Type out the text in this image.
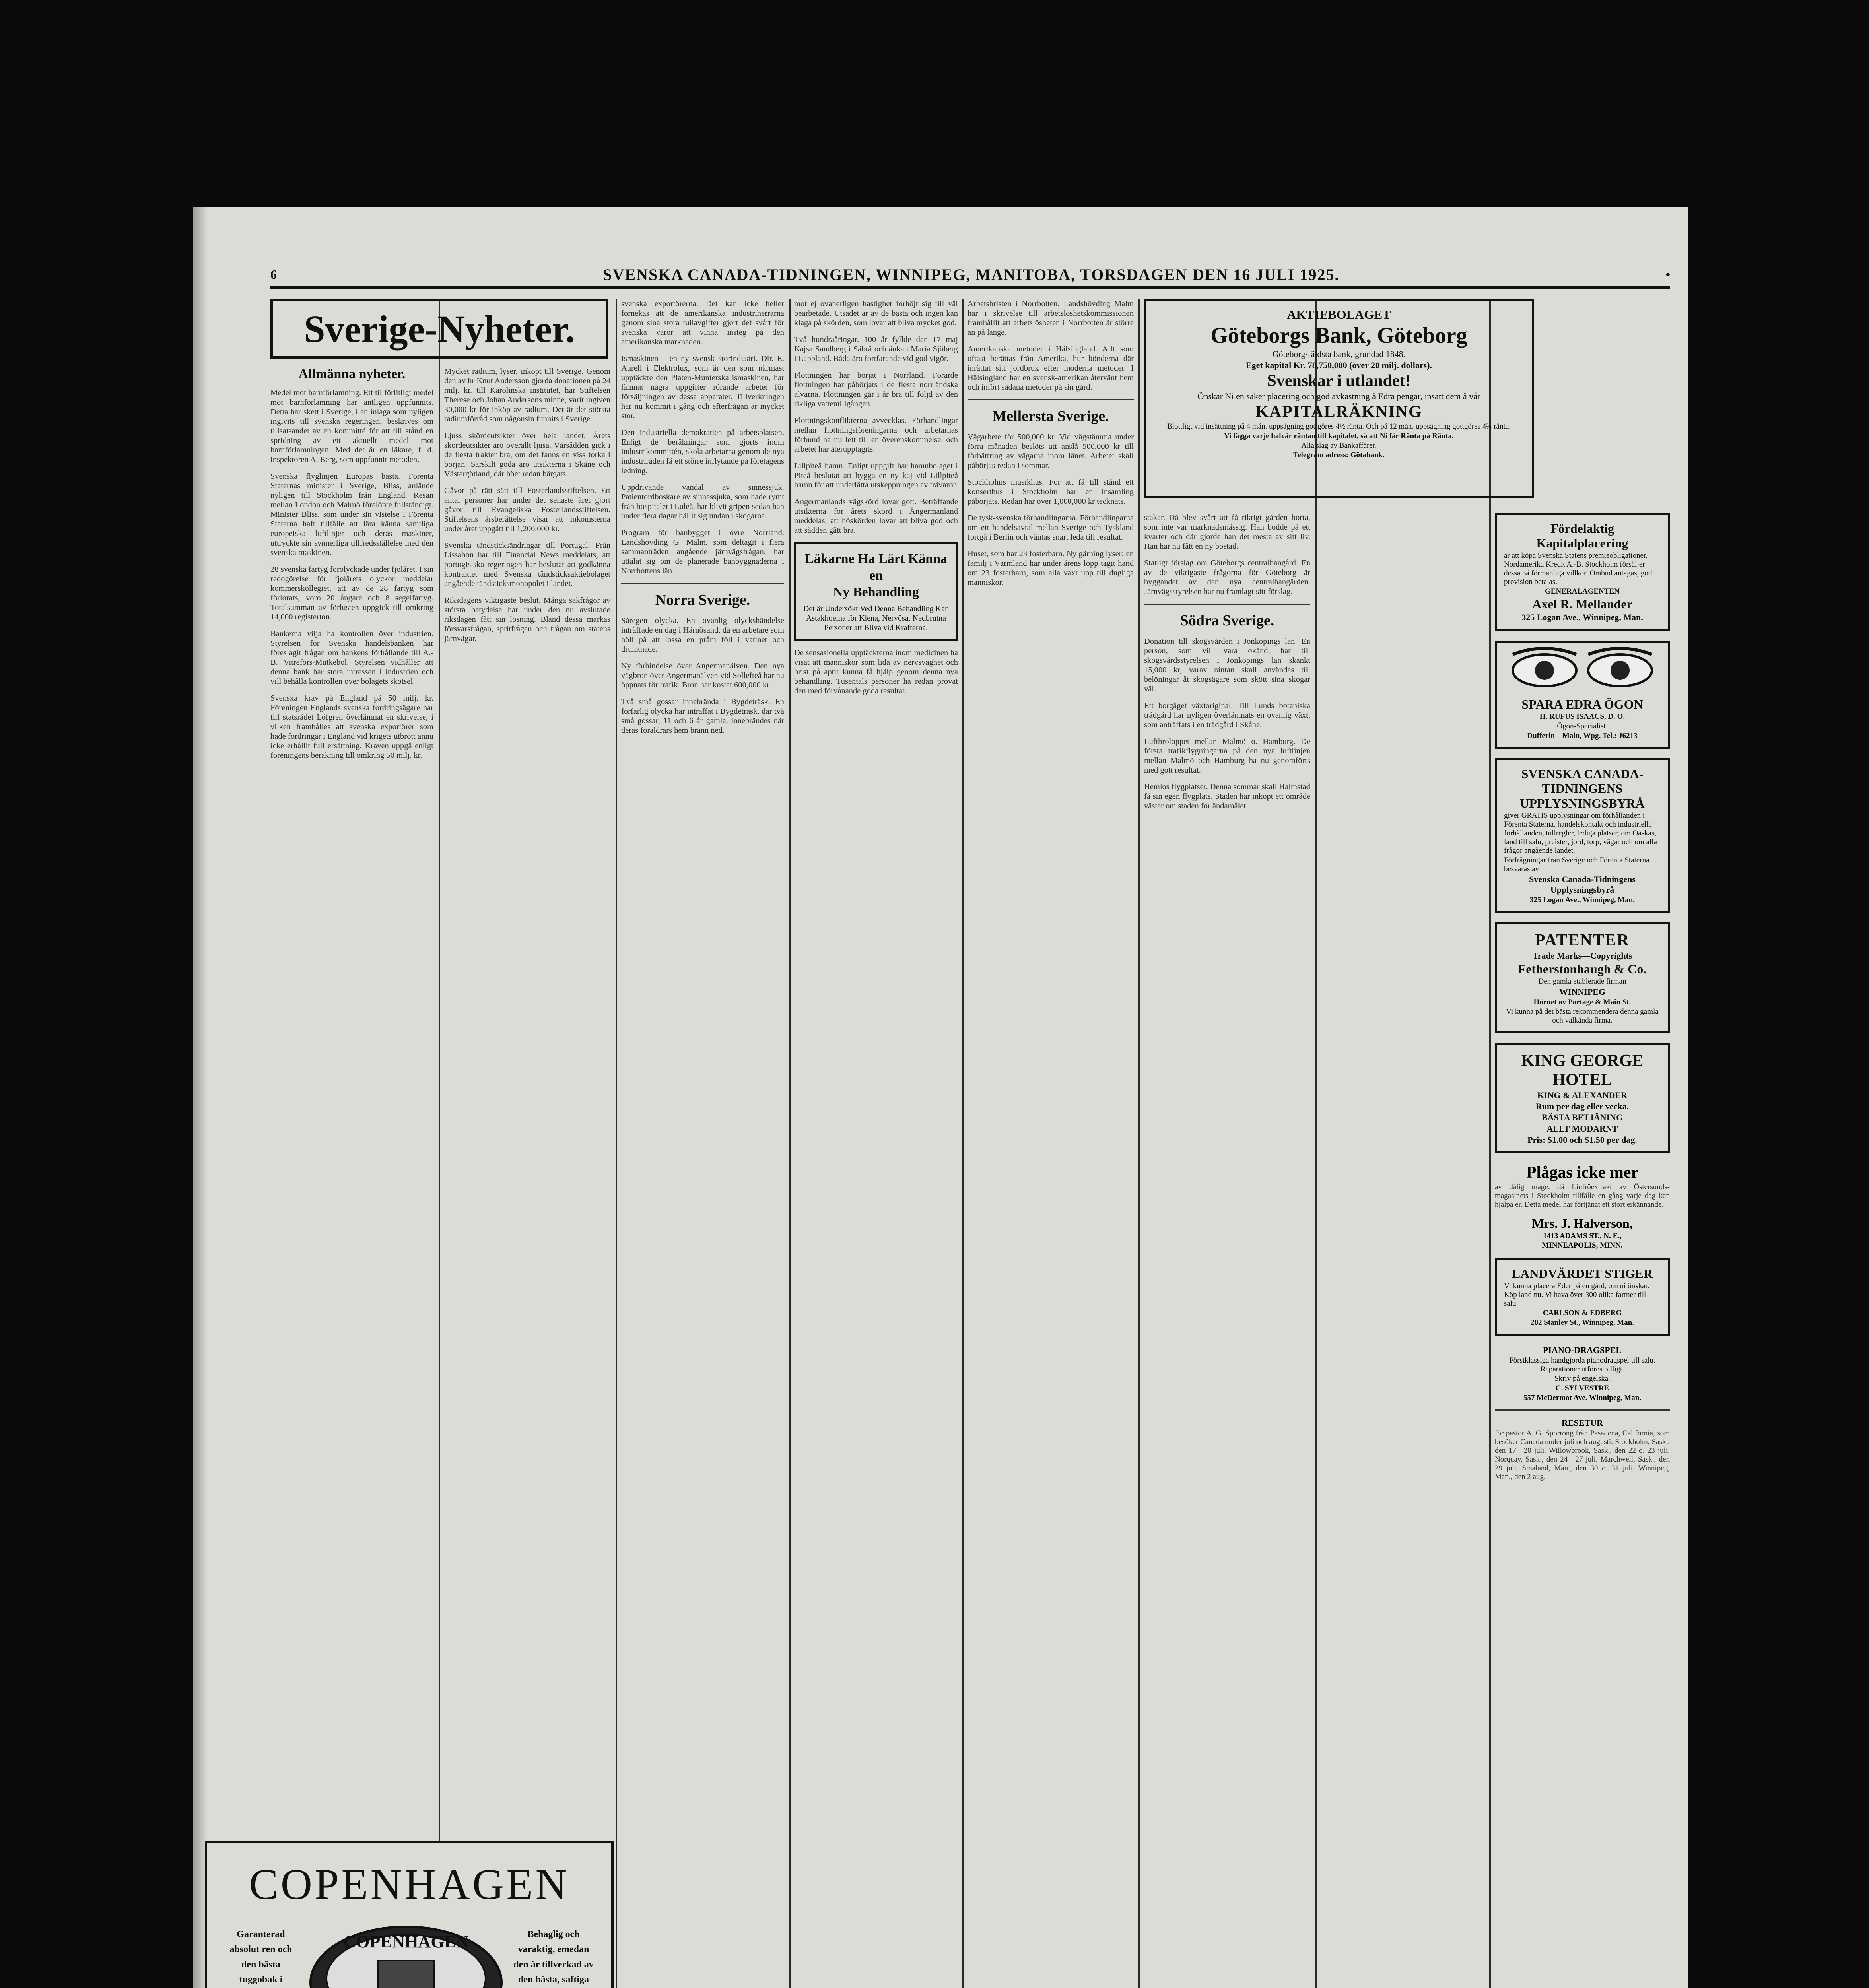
6	SVENSKA CANADA-TIDNINGEN, WINNIPEG, MANITOBA, TORSDAGEN DEN 16 JULI 1925.	•
Sverige-Nyheter.
Allmänna nyheter.

Medel mot barnförlamning. Ett tillförlitligt medel mot barnförlamning har äntligen uppfunnits. Detta har skett i Sverige, i en inlaga som nyligen ingivits till svenska regeringen, beskrives om tillsatsandet av en kommitté för att till stånd en spridning av ett aktuellt medel mot barnförlamningen. Med det är en läkare, f. d. inspektoren A. Berg, som uppfunnit metoden.

Svenska flyglinjen Europas bästa. Förenta Staternas minister i Sverige, Bliss, anlände nyligen till Stockholm från England. Resan mellan London och Malmö förelöpte fullständigt. Minister Bliss, som under sin vistelse i Förenta Staterna haft tillfälle att lära känna samtliga europeiska luftlinjer och deras maskiner, uttryckte sin synnerliga tillfredsställelse med den svenska maskinen.

28 svenska fartyg förolyckade under fjolåret. I sin redogörelse för fjolårets olyckor meddelar kommerskollegiet, att av de 28 fartyg som förlorats, voro 20 ångare och 8 segelfartyg. Totalsumman av förlusten uppgick till omkring 14,000 registerton.

Bankerna vilja ha kontrollen över industrien. Styrelsen för Svenska handelsbanken har föreslagit frågan om bankens förhållande till A.-B. Vitrefors-Mutkebol. Styrelsen vidhåller att denna bank har stora intressen i industrien och vill behålla kontrollen över bolagets skötsel.

Svenska krav på England på 50 milj. kr. Föreningen Englands svenska fordringsägare har till statsrådet Löfgren överlämnat en skrivelse, i vilken framhålles att svenska exportörer som hade fordringar i England vid krigets utbrott ännu icke erhållit full ersättning. Kraven uppgå enligt föreningens beräkning till omkring 50 milj. kr.

Mycket radium, lyser, inköpt till Sverige. Genom den av hr Knut Andersson gjorda donationen på 24 milj. kr. till Karolinska institutet, har Stiftelsen Therese och Johan Andersons minne, varit ingiven 30,000 kr för inköp av radium. Det är det största radiumförråd som någonsin funnits i Sverige.

Ljuss skördeutsikter över hela landet. Årets skördeutsikter äro överallt ljusa. Vårsådden gick i de flesta trakter bra, om det fanns en viss torka i början. Särskilt goda äro utsikterna i Skåne och Västergötland, där höet redan bärgats.

Gåvor på rätt sätt till Fosterlandsstiftelsen. Ett antal personer har under det senaste året gjort gåvor till Evangeliska Fosterlandsstiftelsen. Stiftelsens årsberättelse visar att inkomsterna under året uppgått till 1,200,000 kr.

Svenska tändsticksändringar till Portugal. Från Lissabon har till Financial News meddelats, att portugisiska regeringen har beslutat att godkänna kontraktet med Svenska tändsticksaktiebolaget angående tändsticksmonopolet i landet.

Riksdagens viktigaste beslut. Många sakfrågor av största betydelse har under den nu avslutade riksdagen fått sin lösning. Bland dessa märkas försvarsfrågan, spritfrågan och frågan om statens järnvägar.

svenska exportörerna. Det kan icke heller förnekas att de amerikanska industriherrarna genom sina stora tullavgifter gjort det svårt för svenska varor att vinna insteg på den amerikanska marknaden.

Ismaskinen – en ny svensk storindustri. Dir. E. Aurell i Elektrolux, som är den som närmast upptäckte den Platen-Munterska ismaskinen, har lämnat några uppgifter rörande arbetet för försäljningen av dessa apparater. Tillverkningen har nu kommit i gång och efterfrågan är mycket stor.

Den industriella demokratien på arbetsplatsen. Enligt de beräkningar som gjorts inom industrikommittén, skola arbetarna genom de nya industriråden få ett större inflytande på företagens ledning.

Uppdrivande vandal av sinnessjuk. Patientordboskare av sinnessjuka, som hade rymt från hospitalet i Luleå, har blivit gripen sedan han under flera dagar hållit sig undan i skogarna.

Program för banbygget i övre Norrland. Landshövding G. Malm, som deltagit i flera sammanträden angående järnvägsfrågan, har uttalat sig om de planerade banbyggnaderna i Norrbottens län.

Norra Sverige.

Såregen olycka. En ovanlig olyckshändelse inträffade en dag i Härnösand, då en arbetare som höll på att lossa en pråm föll i vattnet och drunknade.

Ny förbindelse över Angermanälven. Den nya vägbron över Angermanälven vid Sollefteå har nu öppnats för trafik. Bron har kostat 600,000 kr.

Två små gossar innebrända i Bygdeträsk. En förfärlig olycka har inträffat i Bygdeträsk, där två små gossar, 11 och 6 år gamla, innebrändes när deras föräldrars hem brann ned.

mot ej ovanerligen hastighet förhöjt sig till väl bearbetade. Utsädet är av de bästa och ingen kan klaga på skörden, som lovar att bliva mycket god.

Två hundraåringar. 100 år fyllde den 17 maj Kajsa Sandberg i Säbrå och änkan Maria Sjöberg i Lappland. Båda äro fortfarande vid god vigör.

Flottningen har börjat i Norrland. Förarde flottningen har påbörjats i de flesta norrländska älvarna. Flottningen går i år bra till följd av den rikliga vattentillgången.

Flottningskonflikterna avvecklas. Förhandlingar mellan flottningsföreningarna och arbetarnas förbund ha nu lett till en överenskommelse, och arbetet har återupptagits.

Lillpiteå hamn. Enligt uppgift har hamnbolaget i Piteå beslutat att bygga en ny kaj vid Lillpiteå hamn för att underlätta utskeppningen av trävaror.

Angermanlands vägskörd lovar gott. Beträffande utsikterna för årets skörd i Ångermanland meddelas, att höskörden lovar att bliva god och att sådden gått bra.

Läkarne Ha Lärt Känna en
Ny Behandling
Det är Undersökt Ved Denna Behandling Kan Astakhoema för Klena, Nervösa, Nedbrutna Personer att Bliva vid Krafterna.

De sensasionella upptäckterna inom medicinen ha visat att människor som lida av nervsvaghet och brist på aptit kunna få hjälp genom denna nya behandling. Tusentals personer ha redan prövat den med förvånande goda resultat.

Arbetsbristen i Norrbotten. Landshövding Malm har i skrivelse till arbetslöshetskommissionen framhållit att arbetslösheten i Norrbotten är större än på länge.

Amerikanska metoder i Hälsingland. Allt som oftast berättas från Amerika, hur bönderna där inrättat sitt jordbruk efter moderna metoder. I Hälsingland har en svensk-amerikan återvänt hem och infört sådana metoder på sin gård.

Mellersta Sverige.

Vägarbete för 500,000 kr. Vid vägstämma under förra månaden beslöts att anslå 500,000 kr till förbättring av vägarna inom länet. Arbetet skall påbörjas redan i sommar.

Stockholms musikhus. För att få till stånd ett konserthus i Stockholm har en insamling påbörjats. Redan har över 1,000,000 kr tecknats.

De tysk-svenska förhandlingarna. Förhandlingarna om ett handelsavtal mellan Sverige och Tyskland fortgå i Berlin och väntas snart leda till resultat.

Huset, som har 23 fosterbarn. Ny gärning lyser: en familj i Värmland har under årens lopp tagit hand om 23 fosterbarn, som alla växt upp till dugliga människor.

AKTIEBOLAGET
Göteborgs Bank, Göteborg
Göteborgs äldsta bank, grundad 1848.
Eget kapital Kr. 78,750,000 (över 20 milj. dollars).
Svenskar i utlandet!
Önskar Ni en säker placering och god avkastning å Edra pengar, insätt dem å vår
KAPITALRÄKNING
Blottligt vid insättning på 4 mån. uppsägning gottgöres 4½ ränta. Och på 12 mån. uppsägning gottgöres 4¾ ränta.
Vi lägga varje halvår räntan till kapitalet, så att Ni får Ränta på Ränta.
Alla slag av Bankaffärer.
Telegram adress: Götabank.

stakar. Då blev svårt att få riktigt gården borta, som inte var marknadsmässig. Han bodde på ett kvarter och där gjorde han det mesta av sitt liv. Han har nu fått en ny bostad.

Statligt förslag om Göteborgs centralbangård. En av de viktigaste frågorna för Göteborg är byggandet av den nya centralbangården. Järnvägsstyrelsen har nu framlagt sitt förslag.

Södra Sverige.

Donation till skogsvården i Jönköpings län. En person, som vill vara okänd, har till skogsvårdsstyrelsen i Jönköpings län skänkt 15,000 kr, varav räntan skall användas till belöningar åt skogsägare som skött sina skogar väl.

Ett borgåget växtoriginal. Till Lunds botaniska trädgård har nyligen överlämnats en ovanlig växt, som anträffats i en trädgård i Skåne.

Luftbroloppet mellan Malmö o. Hamburg. De första trafikflygningarna på den nya luftlinjen mellan Malmö och Hamburg ha nu genomförts med gott resultat.

Hemlos flygplatser. Denna sommar skall Halmstad få sin egen flygplats. Staden har inköpt ett område väster om staden för ändamålet.

Fördelaktig Kapitalplacering
är att köpa Svenska Statens premieobligationer. Nordamerika Kredit A.-B. Stockholm försäljer dessa på förmånliga villkor. Ombud antagas, god provision betalas.
GENERALAGENTEN
Axel R. Mellander
325 Logan Ave., Winnipeg, Man.
SPARA EDRA ÖGON
H. RUFUS ISAACS, D. O.
Ögon-Specialist.
Dufferin—Main, Wpg. Tel.: J6213
SVENSKA CANADA-TIDNINGENS UPPLYSNINGSBYRÅ
giver GRATIS upplysningar om förhållanden i Förenta Staterna, handelskontakt och industriella förhållanden, tullregler, lediga platser, om Oaskas, land till salu, preister, jord, torp, vägar och om alla frågor angående landet.
Förfrågningar från Sverige och Förenta Staterna besvaras av
Svenska Canada-Tidningens Upplysningsbyrå
325 Logan Ave., Winnipeg, Man.
PATENTER
Trade Marks—Copyrights
Fetherstonhaugh & Co.
Den gamla etablerade firman
WINNIPEG
Hörnet av Portage & Main St.
Vi kunna på det bästa rekommendera denna gamla och välkända firma.
KING GEORGE HOTEL
KING & ALEXANDER
Rum per dag eller vecka.
BÄSTA BETJÄNING
ALLT MODARNT
Pris: $1.00 och $1.50 per dag.
Plågas icke mer

av dålig mage, då Linfröextrakt av Östersunds-magasinets i Stockholm tillfälle en gång varje dag kan hjälpa er. Detta medel har förtjänat ett stort erkännande.

Mrs. J. Halverson,
1413 ADAMS ST., N. E.,
MINNEAPOLIS, MINN.
LANDVÄRDET STIGER
Vi kunna placera Eder på en gård, om ni önskar. Köp land nu. Vi hava över 300 olika farmer till salu.
CARLSON & EDBERG
282 Stanley St., Winnipeg, Man.
PIANO-DRAGSPEL
Förstklassiga handgjorda pianodragspel till salu. Reparationer utföres billigt.
Skriv på engelska.
C. SYLVESTRE
557 McDermot Ave. Winnipeg, Man.
RESETUR

för pastor A. G. Sporrong från Pasadena, California, som besöker Canada under juli och augusti: Stockholm, Sask., den 17—20 juli. Willowbrook, Sask., den 22 o. 23 juli. Norquay, Sask., den 24—27 juli. Marchwell, Sask., den 29 juli. Smaland, Man., den 30 o. 31 juli. Winnipeg, Man., den 2 aug.

COPENHAGEN
Garanterad absolut ren och den bästa tuggobak i
Behaglig och varaktig, emedan den är tillverkad av den bästa, saftiga
COPENHAGEN
